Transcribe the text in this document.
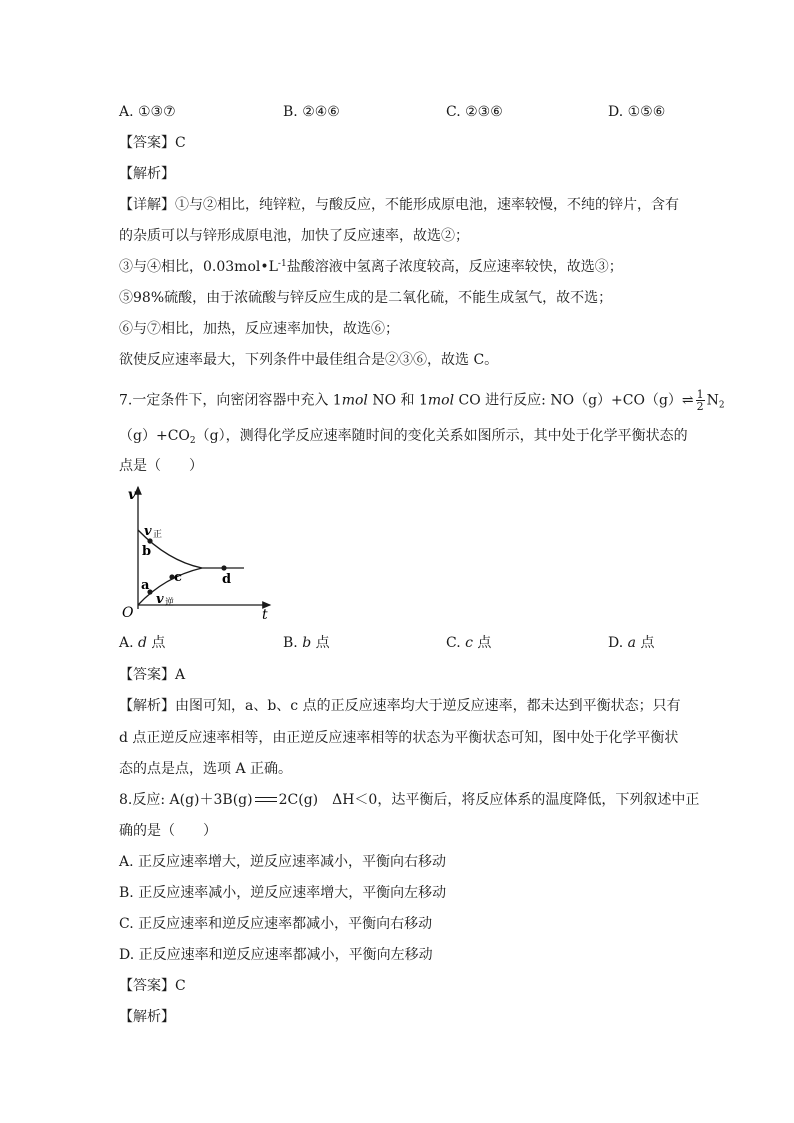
A. ①③⑦	B. ②④⑥	C. ②③⑥	D. ①⑤⑥
【答案】C
【解析】
【详解】①与②相比，纯锌粒，与酸反应，不能形成原电池，速率较慢，不纯的锌片，含有
的杂质可以与锌形成原电池，加快了反应速率，故选②；
③与④相比，$0.03mol•L^{-1}$盐酸溶液中氢离子浓度较高，反应速率较快，故选③；
⑤98%硫酸，由于浓硫酸与锌反应生成的是二氧化硫，不能生成氢气，故不选；
⑥与⑦相比，加热，反应速率加快，故选⑥；
欲使反应速率最大，下列条件中最佳组合是②③⑥，故选 C。
7.一定条件下，向密闭容器中充入 1mol NO 和 1mol CO 进行反应: NO（g）+CO（g）⇌ $\frac{1}{2} N_2$
$(g)+CO_2(g)$，测得化学反应速率随时间的变化关系如图所示，其中处于化学平衡状态的
点是（　　）
v
t
O
v 正
b
a
c	d
v 逆
A. d 点	B. b 点	C. c 点	D. a 点
【答案】A
【解析】由图可知，a、b、c 点的正反应速率均大于逆反应速率，都未达到平衡状态；只有
d 点正逆反应速率相等，由正逆反应速率相等的状态为平衡状态可知，图中处于化学平衡状
态的点是点，选项 A 正确。
8.反应: A(g)＋3B(g) 2C(g)　ΔH＜0，达平衡后，将反应体系的温度降低，下列叙述中正
确的是（　　）
A. 正反应速率增大，逆反应速率减小，平衡向右移动
B. 正反应速率减小，逆反应速率增大，平衡向左移动
C. 正反应速率和逆反应速率都减小，平衡向右移动
D. 正反应速率和逆反应速率都减小，平衡向左移动
【答案】C
【解析】
